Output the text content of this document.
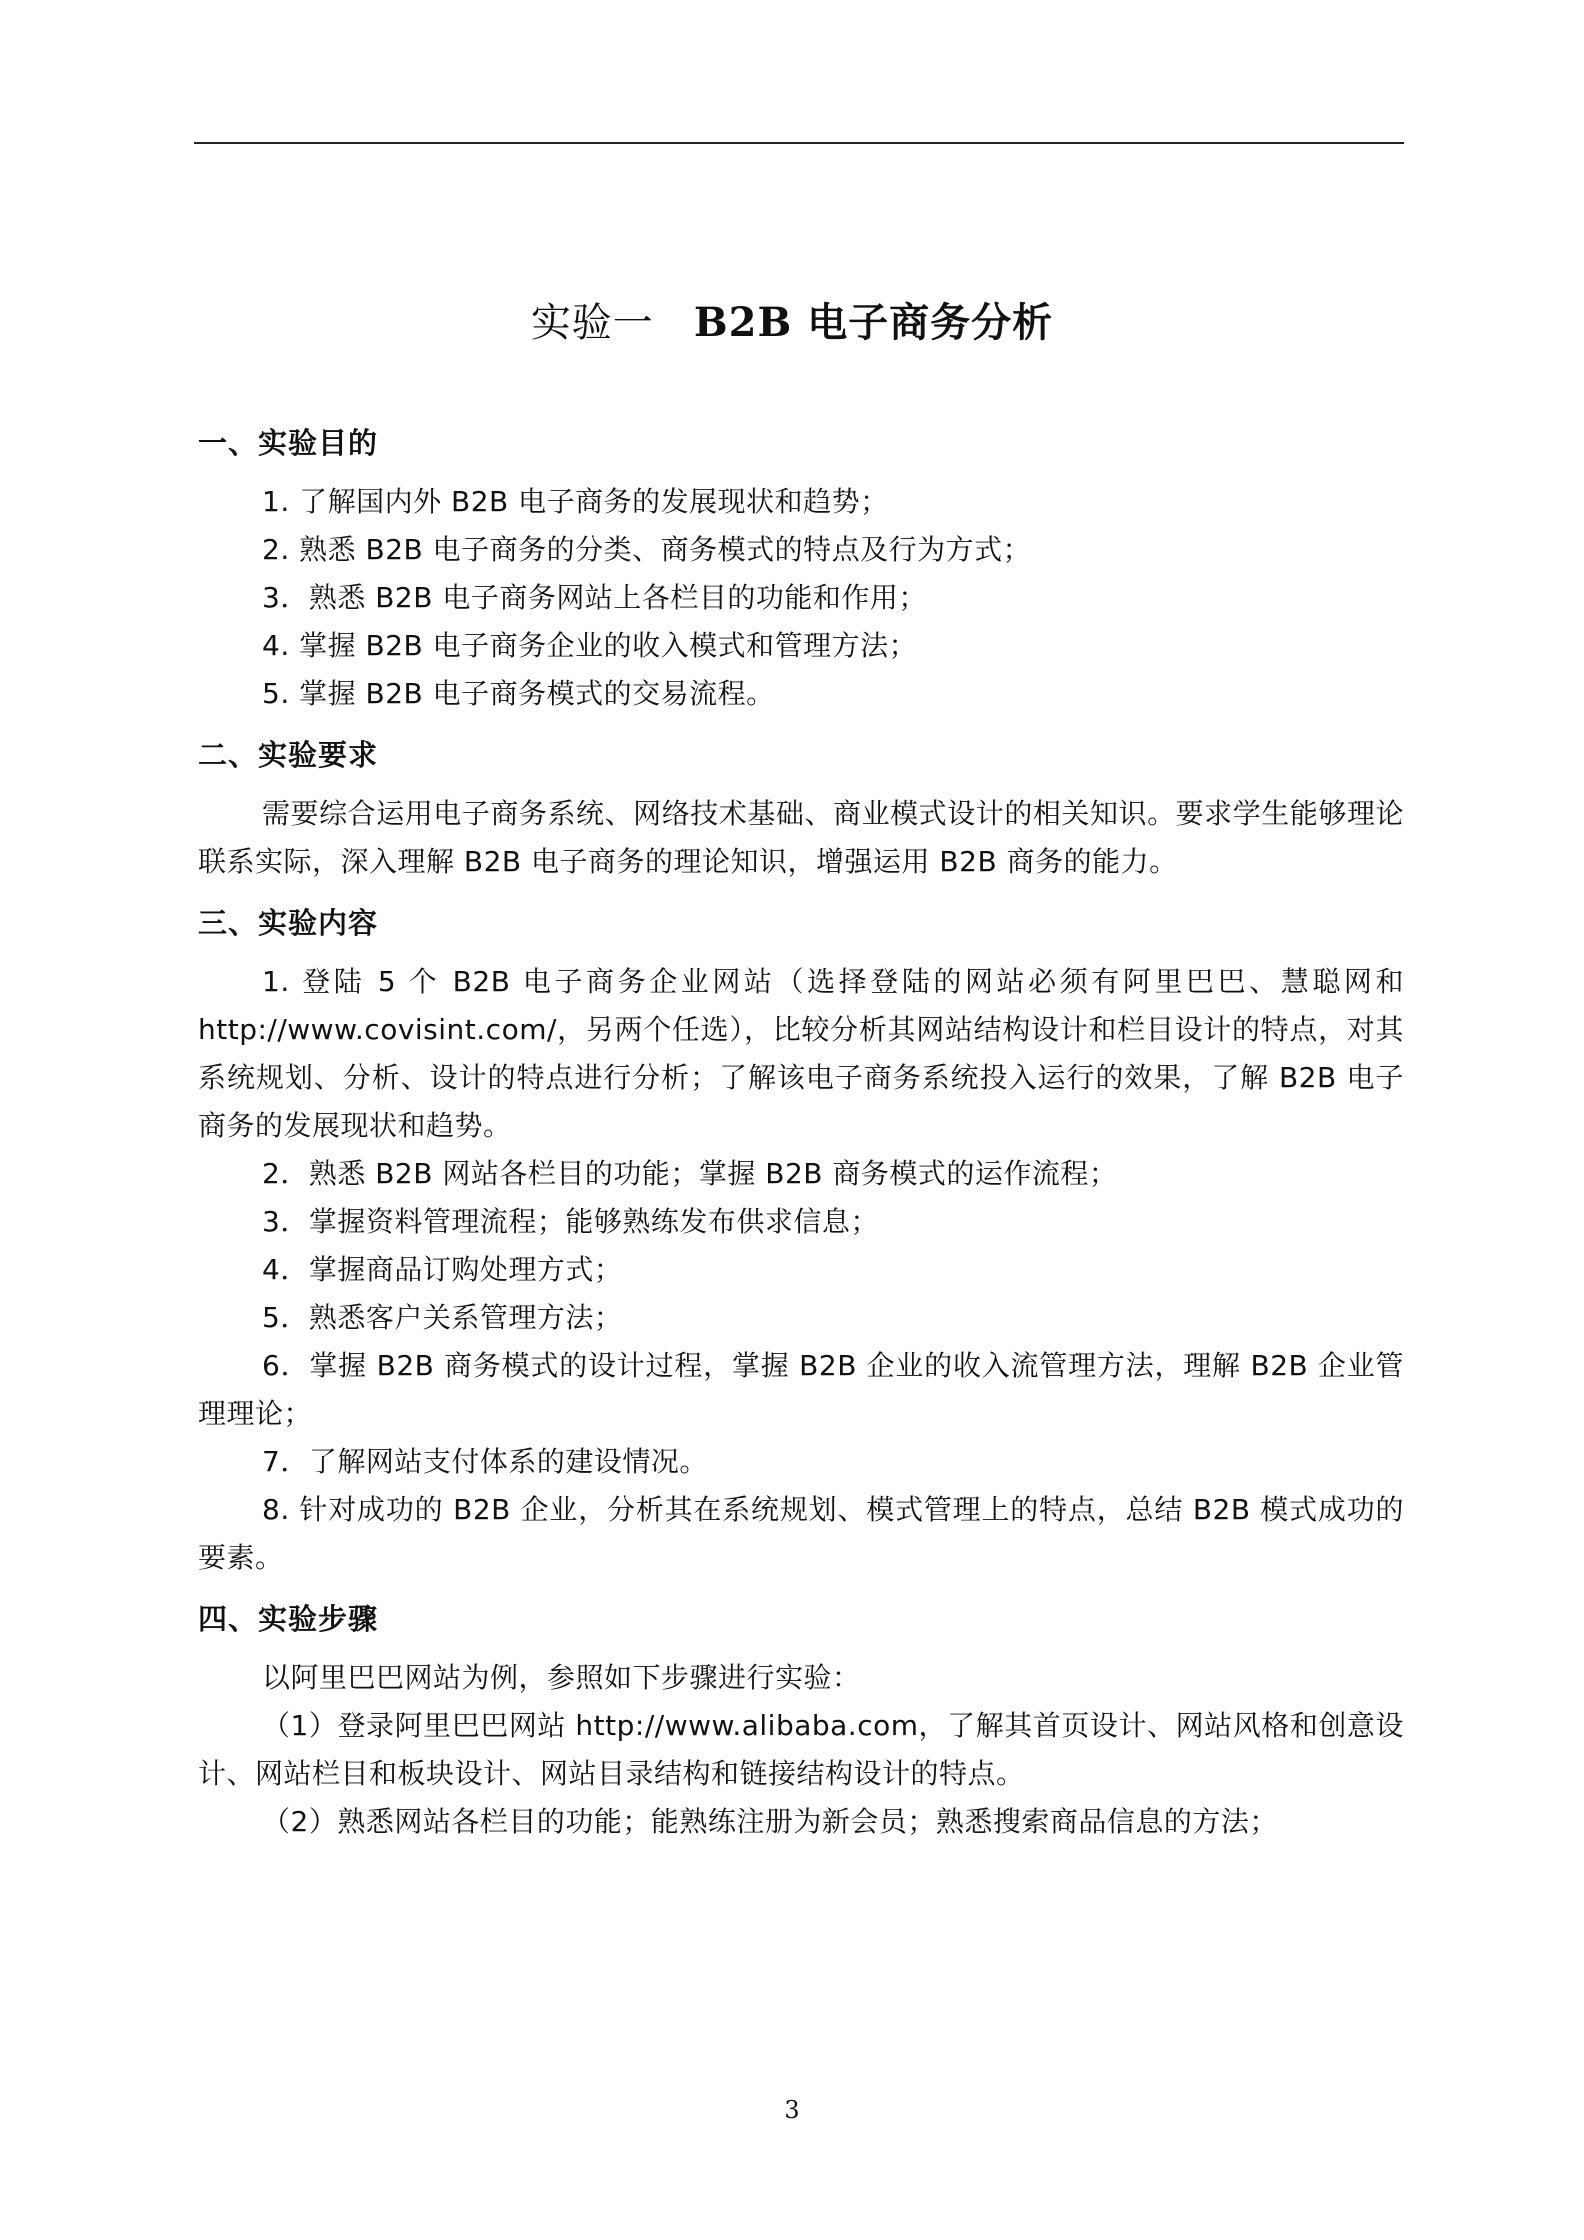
实验一 B2B 电子商务分析

一、实验目的

1. 了解国内外 B2B 电子商务的发展现状和趋势；

2. 熟悉 B2B 电子商务的分类、商务模式的特点及行为方式；

3．熟悉 B2B 电子商务网站上各栏目的功能和作用；

4. 掌握 B2B 电子商务企业的收入模式和管理方法；

5. 掌握 B2B 电子商务模式的交易流程。

二、实验要求

需要综合运用电子商务系统、网络技术基础、商业模式设计的相关知识。要求学生能够理论联系实际，深入理解 B2B 电子商务的理论知识，增强运用 B2B 商务的能力。

三、实验内容

1. 登陆 5 个 B2B 电子商务企业网站（选择登陆的网站必须有阿里巴巴、慧聪网和 http://www.covisint.com/，另两个任选），比较分析其网站结构设计和栏目设计的特点，对其系统规划、分析、设计的特点进行分析；了解该电子商务系统投入运行的效果，了解 B2B 电子商务的发展现状和趋势。

2．熟悉 B2B 网站各栏目的功能；掌握 B2B 商务模式的运作流程；

3．掌握资料管理流程；能够熟练发布供求信息；

4．掌握商品订购处理方式；

5．熟悉客户关系管理方法；

6．掌握 B2B 商务模式的设计过程，掌握 B2B 企业的收入流管理方法，理解 B2B 企业管理理论；

7．了解网站支付体系的建设情况。

8. 针对成功的 B2B 企业，分析其在系统规划、模式管理上的特点，总结 B2B 模式成功的要素。

四、实验步骤

以阿里巴巴网站为例，参照如下步骤进行实验：

（1）登录阿里巴巴网站 http://www.alibaba.com，了解其首页设计、网站风格和创意设计、网站栏目和板块设计、网站目录结构和链接结构设计的特点。

（2）熟悉网站各栏目的功能；能熟练注册为新会员；熟悉搜索商品信息的方法；

3
